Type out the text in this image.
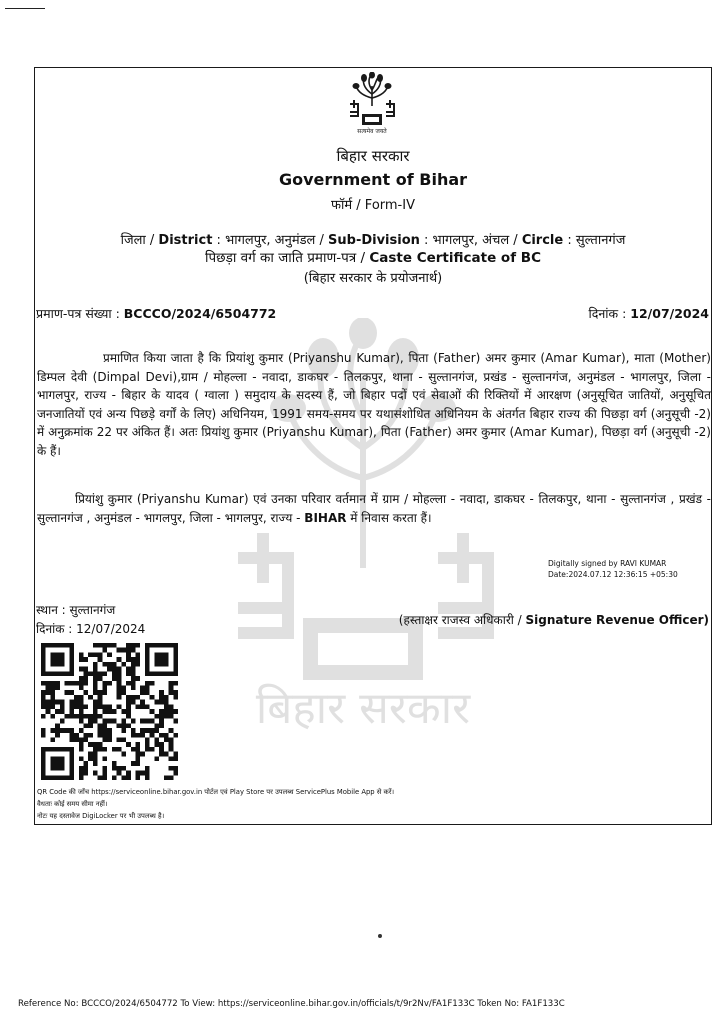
सत्यमेव जयते
बिहार सरकार
बिहार सरकार
Government of Bihar
फॉर्म / Form-IV
जिला / District : भागलपुर, अनुमंडल / Sub-Division : भागलपुर, अंचल / Circle : सुल्तानगंज
पिछड़ा वर्ग का जाति प्रमाण-पत्र / Caste Certificate of BC
(बिहार सरकार के प्रयोजनार्थ)
प्रमाण-पत्र संख्या : BCCCO/2024/6504772	दिनांक : 12/07/2024
प्रमाणित किया जाता है कि प्रियांशु कुमार (Priyanshu Kumar), पिता (Father) अमर कुमार (Amar Kumar), माता (Mother) डिम्पल देवी (Dimpal Devi),ग्राम / मोहल्ला - नवादा, डाकघर - तिलकपुर, थाना - सुल्तानगंज, प्रखंड - सुल्तानगंज, अनुमंडल - भागलपुर, जिला - भागलपुर, राज्य - बिहार के यादव ( ग्वाला ) समुदाय के सदस्य हैं, जो बिहार पदों एवं सेवाओं की रिक्तियों में आरक्षण (अनुसूचित जातियों, अनुसूचित जनजातियों एवं अन्य पिछड़े वर्गों के लिए) अधिनियम, 1991 समय-समय पर यथासंशोधित अधिनियम के अंतर्गत बिहार राज्य की पिछड़ा वर्ग (अनुसूची -2) में अनुक्रमांक 22 पर अंकित हैं। अतः प्रियांशु कुमार (Priyanshu Kumar), पिता (Father) अमर कुमार (Amar Kumar), पिछड़ा वर्ग (अनुसूची -2) के हैं।
प्रियांशु कुमार (Priyanshu Kumar) एवं उनका परिवार वर्तमान में ग्राम / मोहल्ला - नवादा, डाकघर - तिलकपुर, थाना - सुल्तानगंज , प्रखंड - सुल्तानगंज , अनुमंडल - भागलपुर, जिला - भागलपुर, राज्य - BIHAR में निवास करता हैं।
Digitally signed by RAVI KUMAR
Date:2024.07.12 12:36:15 +05:30
स्थान : सुल्तानगंज
दिनांक : 12/07/2024
(हस्ताक्षर राजस्व अधिकारी / Signature Revenue Officer)
QR Code की जाँच https://serviceonline.bihar.gov.in पोर्टल एवं Play Store पर उपलब्ध ServicePlus Mobile App से करें।
वैधताः कोई समय सीमा नहीं।
नोटः यह दस्तावेज DigiLocker पर भी उपलब्ध है।
Reference No: BCCCO/2024/6504772 To View: https://serviceonline.bihar.gov.in/officials/t/9r2Nv/FA1F133C Token No: FA1F133C
